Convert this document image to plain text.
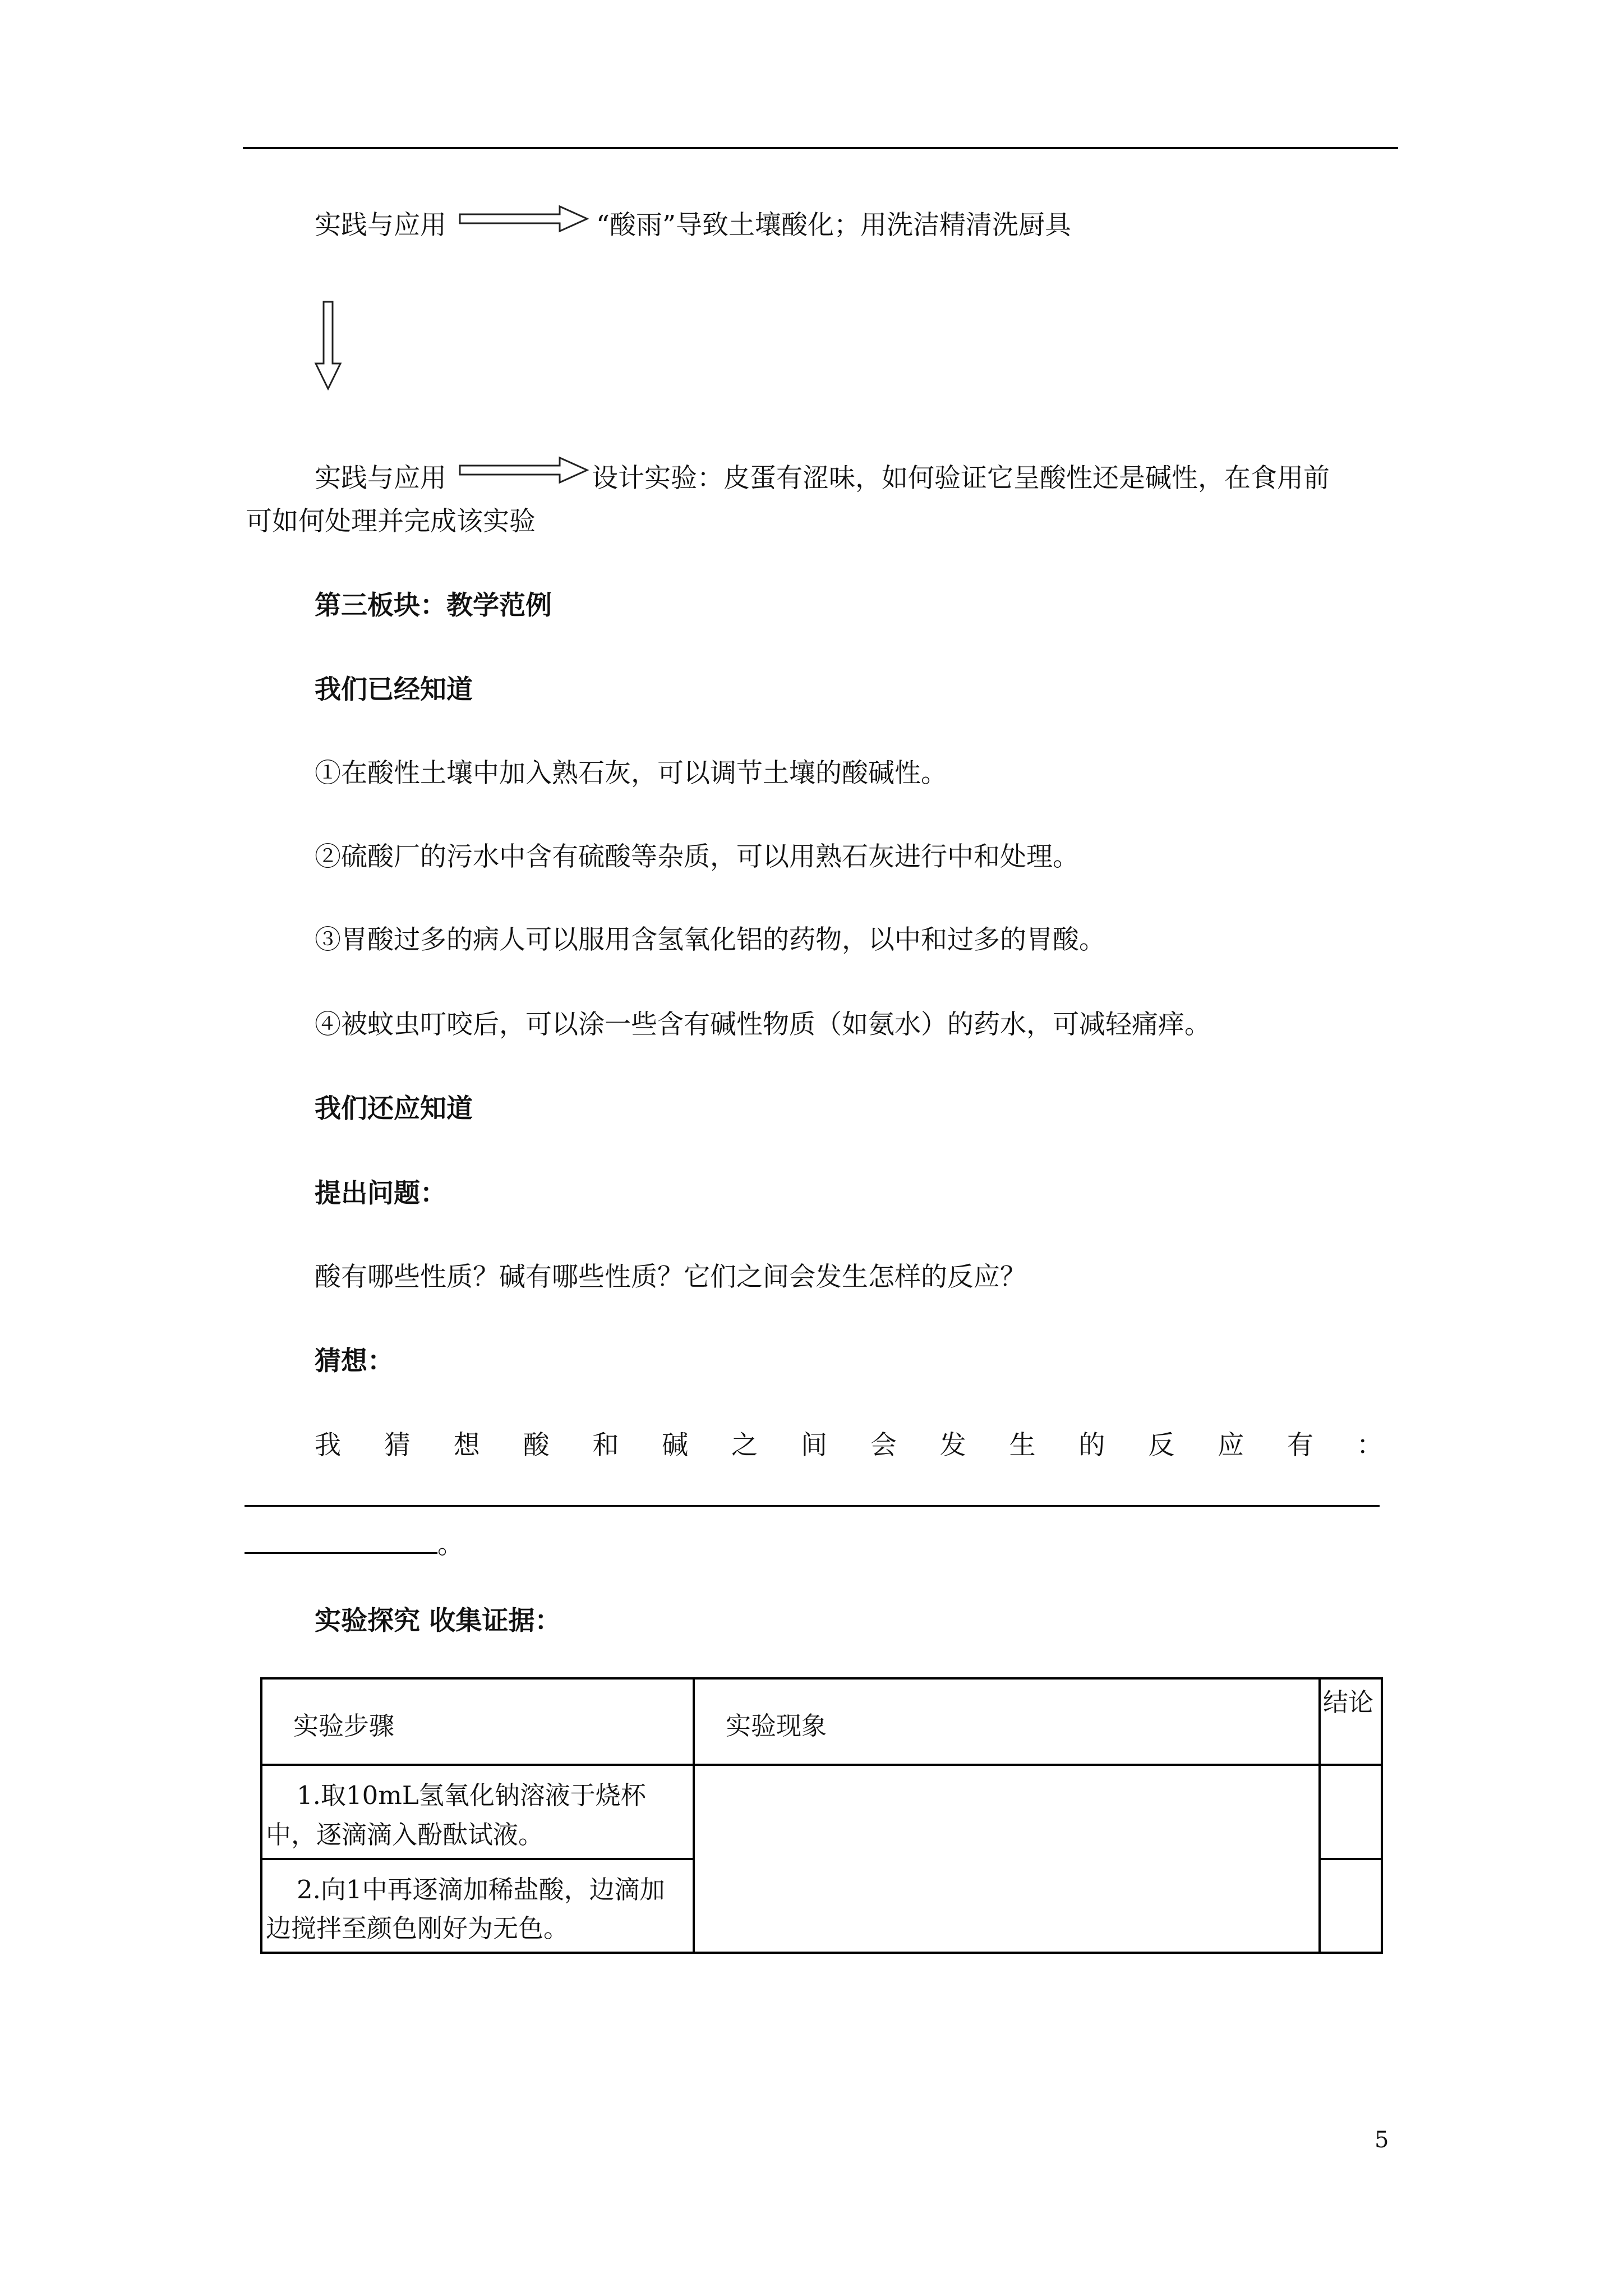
实践与应用	“酸雨”导致土壤酸化；用洗洁精清洗厨具
实践与应用	设计实验：皮蛋有涩味，如何验证它呈酸性还是碱性，在食用前
可如何处理并完成该实验
第三板块：教学范例
我们已经知道
①在酸性土壤中加入熟石灰，可以调节土壤的酸碱性。
②硫酸厂的污水中含有硫酸等杂质，可以用熟石灰进行中和处理。
③胃酸过多的病人可以服用含氢氧化铝的药物，以中和过多的胃酸。
④被蚊虫叮咬后，可以涂一些含有碱性物质（如氨水）的药水，可减轻痛痒。
我们还应知道
提出问题：
酸有哪些性质？碱有哪些性质？它们之间会发生怎样的反应？
猜想：
我 猜 想 酸 和 碱 之 间 会 发 生 的 反 应 有 ：
。
实验探究 收集证据：
实验步骤	实验现象	结论

1.取10mL氢氧化钠溶液于烧杯中，逐滴滴入酚酞试液。		

2.向1中再逐滴加稀盐酸，边滴加边搅拌至颜色刚好为无色。		

5
